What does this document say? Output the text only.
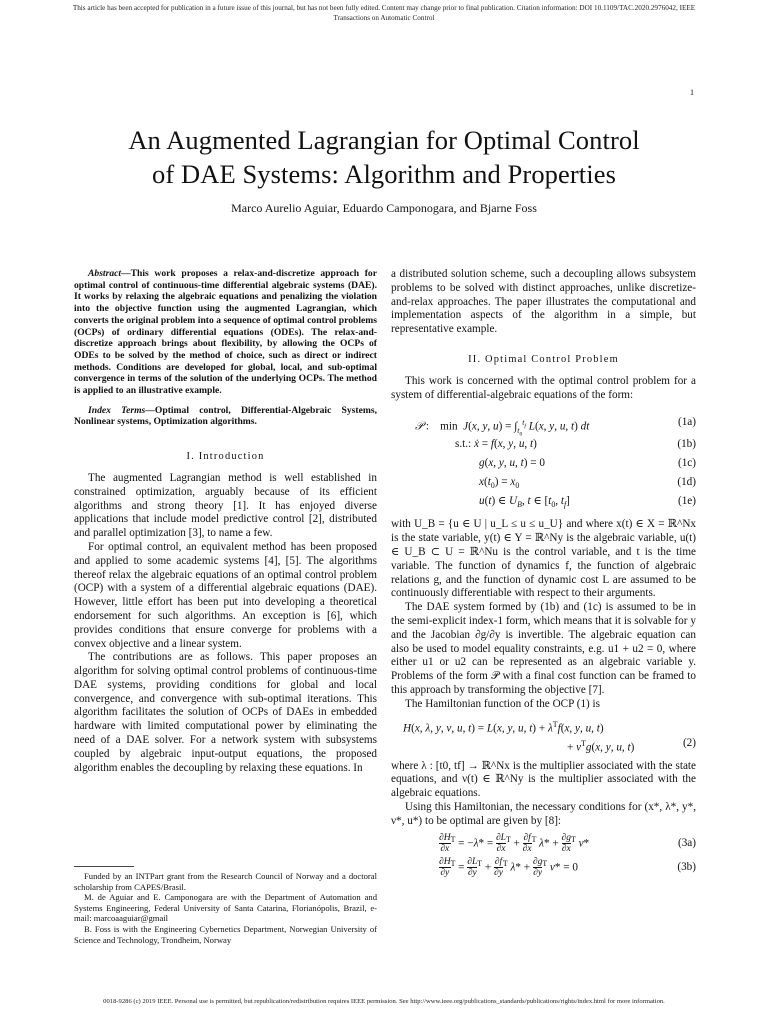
This article has been accepted for publication in a future issue of this journal, but has not been fully edited. Content may change prior to final publication. Citation information: DOI 10.1109/TAC.2020.2976042, IEEE
Transactions on Automatic Control
1
An Augmented Lagrangian for Optimal Control
of DAE Systems: Algorithm and Properties
Marco Aurelio Aguiar, Eduardo Camponogara, and Bjarne Foss

Abstract—This work proposes a relax-and-discretize approach for optimal control of continuous-time differential algebraic systems (DAE). It works by relaxing the algebraic equations and penalizing the violation into the objective function using the augmented Lagrangian, which converts the original problem into a sequence of optimal control problems (OCPs) of ordinary differential equations (ODEs). The relax-and-discretize approach brings about flexibility, by allowing the OCPs of ODEs to be solved by the method of choice, such as direct or indirect methods. Conditions are developed for global, local, and sub-optimal convergence in terms of the solution of the underlying OCPs. The method is applied to an illustrative example.

Index Terms—Optimal control, Differential-Algebraic Systems, Nonlinear systems, Optimization algorithms.

I. Introduction

The augmented Lagrangian method is well established in constrained optimization, arguably because of its efficient algorithms and strong theory [1]. It has enjoyed diverse applications that include model predictive control [2], distributed and parallel optimization [3], to name a few.

For optimal control, an equivalent method has been proposed and applied to some academic systems [4], [5]. The algorithms thereof relax the algebraic equations of an optimal control problem (OCP) with a system of a differential algebraic equations (DAE). However, little effort has been put into developing a theoretical endorsement for such algorithms. An exception is [6], which provides conditions that ensure converge for problems with a convex objective and a linear system.

The contributions are as follows. This paper proposes an algorithm for solving optimal control problems of continuous-time DAE systems, providing conditions for global and local convergence, and convergence with sub-optimal iterations. This algorithm facilitates the solution of OCPs of DAEs in embedded hardware with limited computational power by eliminating the need of a DAE solver. For a network system with subsystems coupled by algebraic input-output equations, the proposed algorithm enables the decoupling by relaxing these equations. In

Funded by an INTPart grant from the Research Council of Norway and a doctoral scholarship from CAPES/Brasil.

M. de Aguiar and E. Camponogara are with the Department of Automation and Systems Engineering, Federal University of Santa Catarina, Florianópolis, Brazil, e-mail: marcoaaguiar@gmail

B. Foss is with the Engineering Cybernetics Department, Norwegian University of Science and Technology, Trondheim, Norway

a distributed solution scheme, such a decoupling allows subsystem problems to be solved with distinct approaches, unlike discretize-and-relax approaches. The paper illustrates the computational and implementation aspects of the algorithm in a simple, but representative example.

II. Optimal Control Problem

This work is concerned with the optimal control problem for a system of differential-algebraic equations of the form:

𝒫 :    min  J(x, y, $u) = \int_{t_0}^{t_f}$ L(x, y, u, t) dt	(1a)
s.t.: ẋ = f(x, y, u, t)	(1b)
g(x, y, u, t) = 0	(1c)
$x(t_0) = x_0$	(1d)
u(t) ∈ $U_B$, t ∈ [$t_0$, $t_f$]	(1e)

with U_B = {u ∈ U | u_L ≤ u ≤ u_U} and where x(t) ∈ X = ℝ^Nx is the state variable, y(t) ∈ Y = ℝ^Ny is the algebraic variable, u(t) ∈ U_B ⊂ U = ℝ^Nu is the control variable, and t is the time variable. The function of dynamics f, the function of algebraic relations g, and the function of dynamic cost L are assumed to be continuously differentiable with respect to their arguments.

The DAE system formed by (1b) and (1c) is assumed to be in the semi-explicit index-1 form, which means that it is solvable for y and the Jacobian ∂g/∂y is invertible. The algebraic equation can also be used to model equality constraints, e.g. u1 + u2 = 0, where either u1 or u2 can be represented as an algebraic variable y. Problems of the form 𝒫 with a final cost function can be framed to this approach by transforming the objective [7].

The Hamiltonian function of the OCP (1) is

H(x, λ, y, ν, u, t) = L(x, y, u, $t) + \lambda^Tf(x$, y, u, t)
+ $\nu^Tg(x$, y, u, t)	(2)

where λ : [t0, tf] → ℝ^Nx is the multiplier associated with the state equations, and ν(t) ∈ ℝ^Ny is the multiplier associated with the algebraic equations.

Using this Hamiltonian, the necessary conditions for (x*, λ*, y*, ν*, u*) to be optimal are given by [8]:

$\frac{\partial H}{\partial x} ^T$ = −λ̇* = $\frac{\partial L}{\partial x} ^T + \frac{\partial f}{\partial x} ^T$ $\lambda* + \frac{\partial g}{\partial x} ^T$ ν*	(3a)
$\frac{\partial H}{\partial y} ^T = \frac{\partial L}{\partial y} ^T + \frac{\partial f}{\partial y} ^T$ $\lambda* + \frac{\partial g}{\partial y} ^T$ ν* = 0	(3b)
0018-9286 (c) 2019 IEEE. Personal use is permitted, but republication/redistribution requires IEEE permission. See http://www.ieee.org/publications_standards/publications/rights/index.html for more information.
